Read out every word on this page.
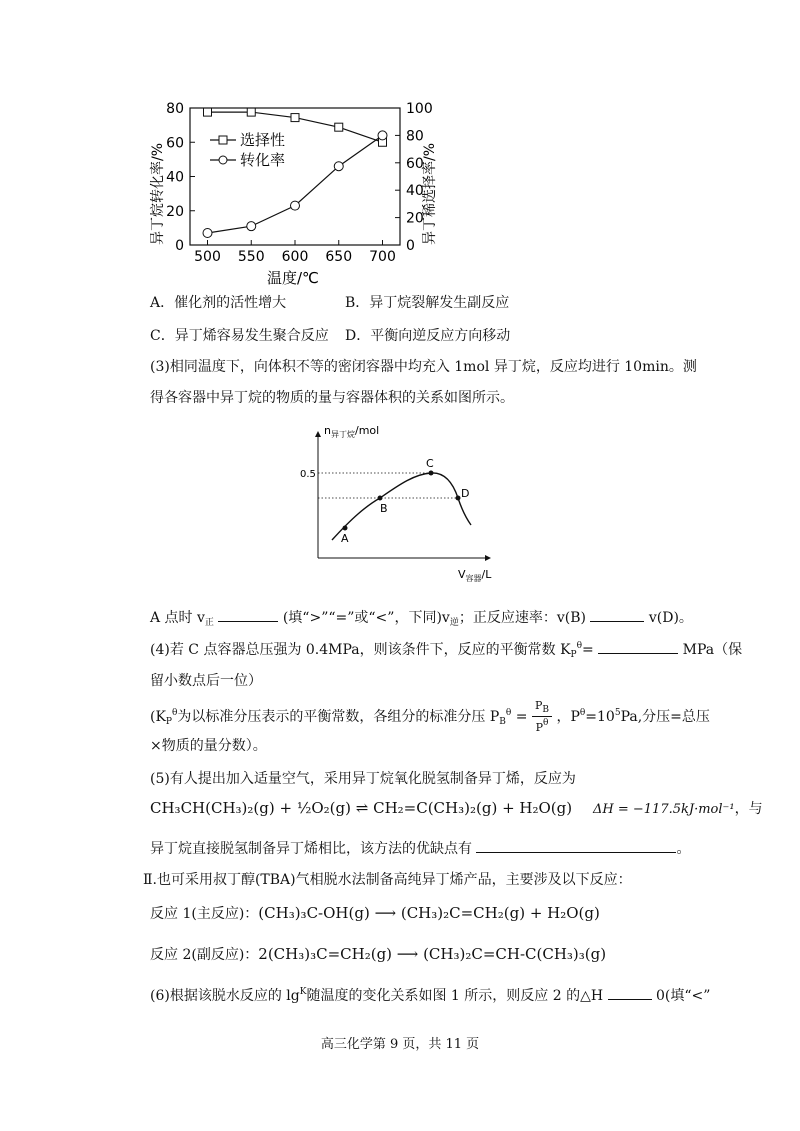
500 550 600 650 700
0
20
40
60
80
0
20
40
60
80
100
选择性
转化率
异丁烷转化率/%	异丁稀选择率/%
温度/℃
A．催化剂的活性增大	B．异丁烷裂解发生副反应
C．异丁烯容易发生聚合反应 D．平衡向逆反应方向移动
(3)相同温度下，向体积不等的密闭容器中均充入 1mol 异丁烷，反应均进行 10min。测
得各容器中异丁烷的物质的量与容器体积的关系如图所示。
$n_{异丁烷}$/mol
$V_{容器}/L$
0.5
A
B
C
D
A 点时 $v_正$	(填“>”“=”或“<”，下同)$v_逆$；正反应速率：v(B)	v(D)。
(4)若 C 点容器总压强为 0.4MPa，则该条件下，反应的平衡常数 $K_P^\theta=$	MPa（保
留小数点后一位）
($K_P^\theta$为以标准分压表示的平衡常数，各组分的标准分压 $P_B^\theta = \frac{P_B}{P^\theta}$ ，$P^\theta=10^5Pa$,分压=总压
×物质的量分数）。
(5)有人提出加入适量空气，采用异丁烷氧化脱氢制备异丁烯，反应为
CH₃CH(CH₃)₂(g) + ½O₂(g) ⇌ CH₂=C(CH₃)₂(g) + H₂O(g) ΔH = −117.5kJ·mol⁻¹，与
异丁烷直接脱氢制备异丁烯相比，该方法的优缺点有	。
Ⅱ.也可采用叔丁醇(TBA)气相脱水法制备高纯异丁烯产品，主要涉及以下反应：
反应 1(主反应)：(CH₃)₃C-OH(g) ⟶ (CH₃)₂C=CH₂(g) + H₂O(g)
反应 2(副反应)：2(CH₃)₃C=CH₂(g) ⟶ (CH₃)₂C=CH-C(CH₃)₃(g)
(6)根据该脱水反应的 $\lg^K$随温度的变化关系如图 1 所示，则反应 2 的△H	0(填“<”
高三化学第 9 页，共 11 页
